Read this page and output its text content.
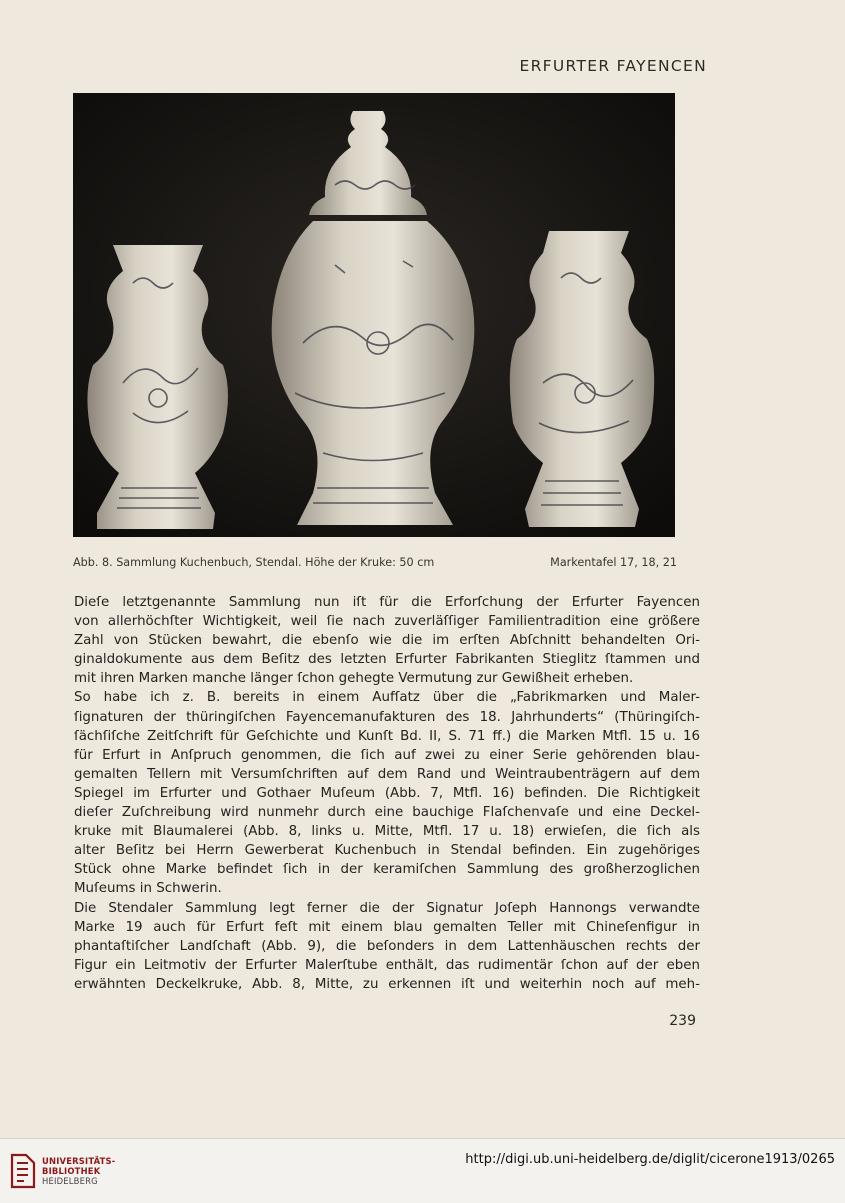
ERFURTER FAYENCEN
Abb. 8. Sammlung Kuchenbuch, Stendal. Höhe der Kruke: 50 cm	Markentafel 17, 18, 21

Dieſe letztgenannte Sammlung nun iſt für die Erforſchung der Erfurter Fayencen
von allerhöchſter Wichtigkeit, weil ſie nach zuverläſſiger Familientradition eine größere
Zahl von Stücken bewahrt, die ebenſo wie die im erſten Abſchnitt behandelten Ori-
ginaldokumente aus dem Beſitz des letzten Erfurter Fabrikanten Stieglitz ſtammen und
mit ihren Marken manche länger ſchon gehegte Vermutung zur Gewißheit erheben.

So habe ich z. B. bereits in einem Aufſatz über die „Fabrikmarken und Maler-
ſignaturen der thüringiſchen Fayencemanufakturen des 18. Jahrhunderts“ (Thüringiſch-
ſächſiſche Zeitſchrift für Geſchichte und Kunſt Bd. II, S. 71 ff.) die Marken Mtfl. 15 u. 16
für Erfurt in Anſpruch genommen, die ſich auf zwei zu einer Serie gehörenden blau-
gemalten Tellern mit Versumſchriften auf dem Rand und Weintraubenträgern auf dem
Spiegel im Erfurter und Gothaer Muſeum (Abb. 7, Mtfl. 16) befinden. Die Richtigkeit
dieſer Zuſchreibung wird nunmehr durch eine bauchige Flaſchenvaſe und eine Deckel-
kruke mit Blaumalerei (Abb. 8, links u. Mitte, Mtfl. 17 u. 18) erwieſen, die ſich als
alter Beſitz bei Herrn Gewerberat Kuchenbuch in Stendal befinden. Ein zugehöriges
Stück ohne Marke befindet ſich in der keramiſchen Sammlung des großherzoglichen
Muſeums in Schwerin.

Die Stendaler Sammlung legt ferner die der Signatur Joſeph Hannongs verwandte
Marke 19 auch für Erfurt feſt mit einem blau gemalten Teller mit Chineſenfigur in
phantaſtiſcher Landſchaft (Abb. 9), die beſonders in dem Lattenhäuschen rechts der
Figur ein Leitmotiv der Erfurter Malerſtube enthält, das rudimentär ſchon auf der eben
erwähnten Deckelkruke, Abb. 8, Mitte, zu erkennen iſt und weiterhin noch auf meh-

239
UNIVERSITÄTS-
BIBLIOTHEK
HEIDELBERG
http://digi.ub.uni-heidelberg.de/diglit/cicerone1913/0265
